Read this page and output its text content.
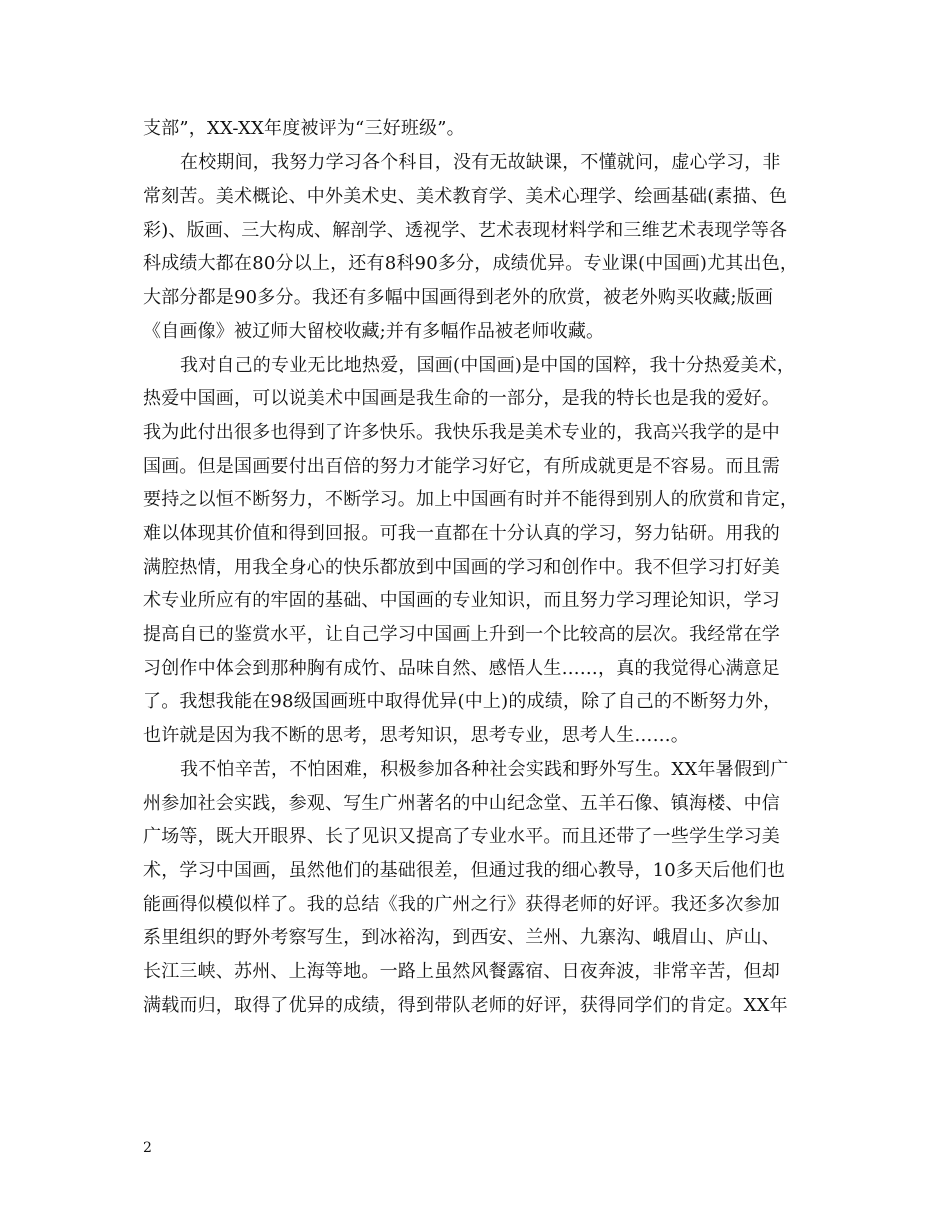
支部”，XX-XX年度被评为“三好班级”。
在校期间，我努力学习各个科目，没有无故缺课，不懂就问，虚心学习，非
常刻苦。美术概论、中外美术史、美术教育学、美术心理学、绘画基础(素描、色
彩)、版画、三大构成、解剖学、透视学、艺术表现材料学和三维艺术表现学等各
科成绩大都在80分以上，还有8科90多分，成绩优异。专业课(中国画)尤其出色，
大部分都是90多分。我还有多幅中国画得到老外的欣赏，被老外购买收藏;版画
《自画像》被辽师大留校收藏;并有多幅作品被老师收藏。
我对自己的专业无比地热爱，国画(中国画)是中国的国粹，我十分热爱美术，
热爱中国画，可以说美术中国画是我生命的一部分，是我的特长也是我的爱好。
我为此付出很多也得到了许多快乐。我快乐我是美术专业的，我高兴我学的是中
国画。但是国画要付出百倍的努力才能学习好它，有所成就更是不容易。而且需
要持之以恒不断努力，不断学习。加上中国画有时并不能得到别人的欣赏和肯定，
难以体现其价值和得到回报。可我一直都在十分认真的学习，努力钻研。用我的
满腔热情，用我全身心的快乐都放到中国画的学习和创作中。我不但学习打好美
术专业所应有的牢固的基础、中国画的专业知识，而且努力学习理论知识，学习
提高自已的鉴赏水平，让自己学习中国画上升到一个比较高的层次。我经常在学
习创作中体会到那种胸有成竹、品味自然、感悟人生……，真的我觉得心满意足
了。我想我能在98级国画班中取得优异(中上)的成绩，除了自己的不断努力外，
也许就是因为我不断的思考，思考知识，思考专业，思考人生……。
我不怕辛苦，不怕困难，积极参加各种社会实践和野外写生。XX年暑假到广
州参加社会实践，参观、写生广州著名的中山纪念堂、五羊石像、镇海楼、中信
广场等，既大开眼界、长了见识又提高了专业水平。而且还带了一些学生学习美
术，学习中国画，虽然他们的基础很差，但通过我的细心教导，10多天后他们也
能画得似模似样了。我的总结《我的广州之行》获得老师的好评。我还多次参加
系里组织的野外考察写生，到冰裕沟，到西安、兰州、九寨沟、峨眉山、庐山、
长江三峡、苏州、上海等地。一路上虽然风餐露宿、日夜奔波，非常辛苦，但却
满载而归，取得了优异的成绩，得到带队老师的好评，获得同学们的肯定。XX年
2
